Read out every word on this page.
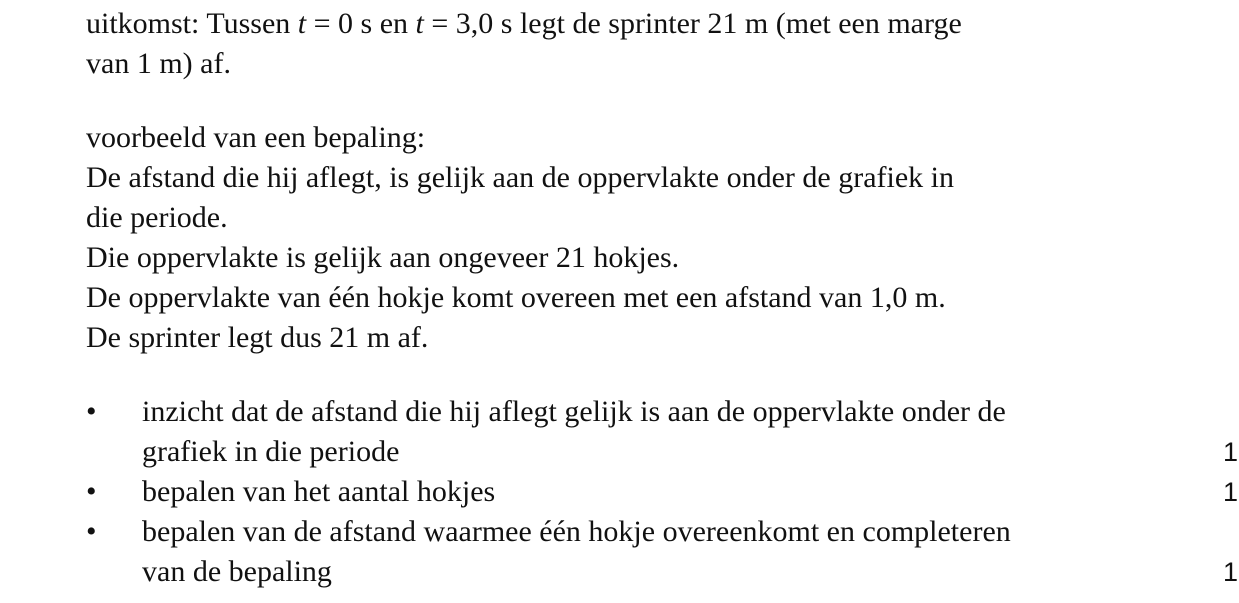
uitkomst: Tussen t = 0 s en t = 3,0 s legt de sprinter 21 m (met een marge
van 1 m) af.
voorbeeld van een bepaling:
De afstand die hij aflegt, is gelijk aan de oppervlakte onder de grafiek in
die periode.
Die oppervlakte is gelijk aan ongeveer 21 hokjes.
De oppervlakte van één hokje komt overeen met een afstand van 1,0 m.
De sprinter legt dus 21 m af.
•	inzicht dat de afstand die hij aflegt gelijk is aan de oppervlakte onder de
grafiek in die periode	1
•	bepalen van het aantal hokjes	1
•	bepalen van de afstand waarmee één hokje overeenkomt en completeren
van de bepaling	1
